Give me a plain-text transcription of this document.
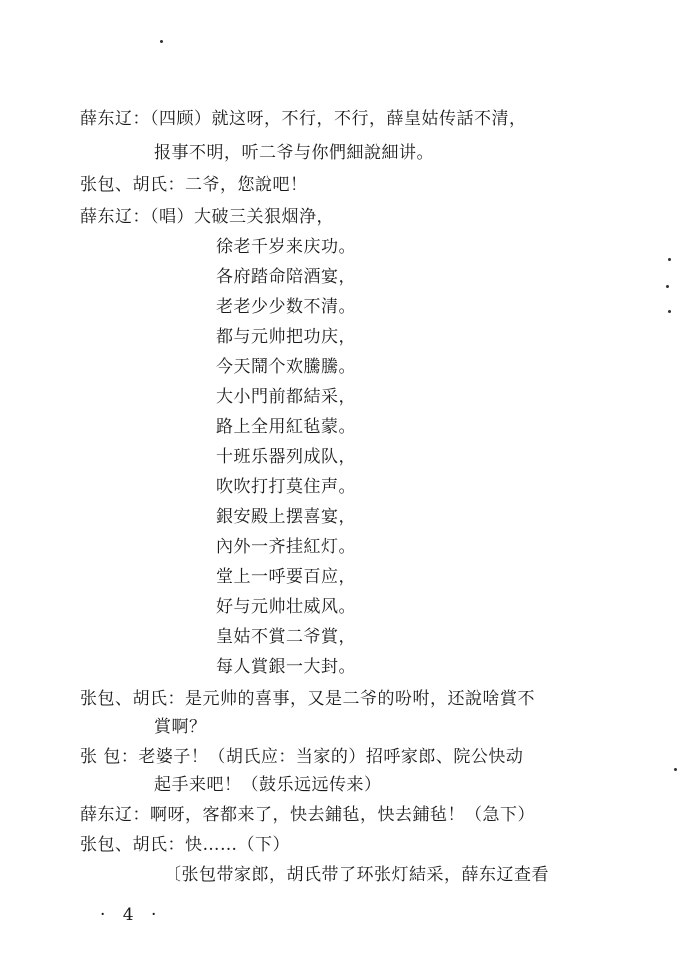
薛东辽：（四顾）就这呀，不行，不行，薛皇姑传話不清，
报事不明，听二爷与你們細說細讲。
张包、胡氏：二爷，您說吧！
薛东辽：（唱）大破三关狠烟浄，
徐老千岁来庆功。
各府踏命陪酒宴，
老老少少数不清。
都与元帅把功庆，
今天鬧个欢騰騰。
大小門前都結采，
路上全用紅毡蒙。
十班乐器列成队，
吹吹打打莫住声。
銀安殿上摆喜宴，
內外一齐挂紅灯。
堂上一呼要百应，
好与元帅壮威风。
皇姑不賞二爷賞，
每人賞銀一大封。
张包、胡氏：是元帅的喜事，又是二爷的吩咐，还說啥賞不
賞啊？
张 包：老婆子！（胡氏应：当家的）招呼家郎、院公快动
起手来吧！（鼓乐远远传来）
薛东辽：啊呀，客都来了，快去鋪毡，快去鋪毡！（急下）
张包、胡氏：快……（下）
〔张包带家郎，胡氏带了环张灯結采，薛东辽查看
· 4 ·
